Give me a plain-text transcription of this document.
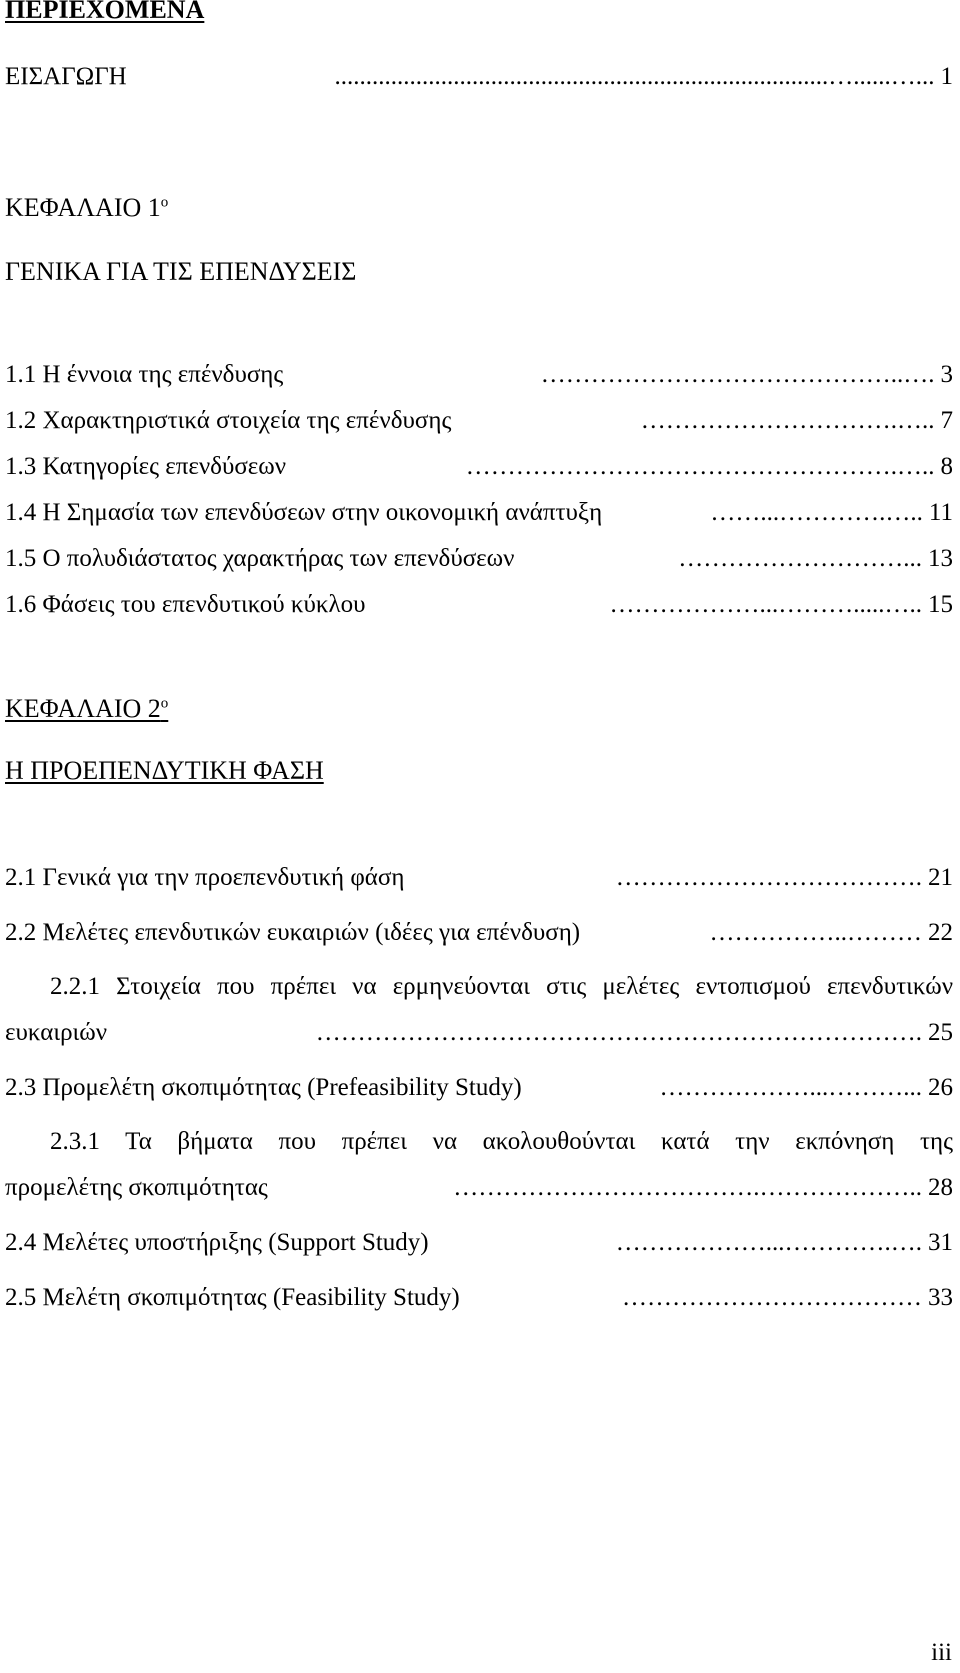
ΠΕΡΙΕΧΟΜΕΝΑ
ΕΙΣΑΓΩΓΗ	...............................................................................…......…... 1
ΚΕΦΑΛΑΙΟ $1^o$
ΓΕΝΙΚΑ ΓΙΑ ΤΙΣ ΕΠΕΝΔΥΣΕΙΣ
1.1 Η έννοια της επένδυσης	……………………………………..…. 3
1.2 Χαρακτηριστικά στοιχεία της επένδυσης	………………………….….. 7
1.3 Κατηγορίες επενδύσεων	…………………………………………….….. 8
1.4 Η Σημασία των επενδύσεων στην οικονομική ανάπτυξη	……...………….….. 11
1.5 Ο πολυδιάστατος χαρακτήρας των επενδύσεων	………………………... 13
1.6 Φάσεις του επενδυτικού κύκλου	………………...……….....….. 15
ΚΕΦΑΛΑΙΟ $2^o$
Η ΠΡΟΕΠΕΝΔΥΤΙΚΗ ΦΑΣΗ
2.1 Γενικά για την προεπενδυτική φάση	………………………………. 21
2.2 Μελέτες επενδυτικών ευκαιριών (ιδέες για επένδυση)	……………..……… 22
2.2.1 Στοιχεία που πρέπει να ερμηνεύονται στις μελέτες εντοπισμού επενδυτικών
ευκαιριών	………………………………………………………………. 25
2.3 Προμελέτη σκοπιμότητας (Prefeasibility Study)	………………...………... 26
2.3.1 Τα βήματα που πρέπει να ακολουθούνται κατά την εκπόνηση της
προμελέτης σκοπιμότητας	……………………………….……………….. 28
2.4 Μελέτες υποστήριξης (Support Study)	………………...………….…. 31
2.5 Μελέτη σκοπιμότητας (Feasibility Study)	……………………………… 33
iii
